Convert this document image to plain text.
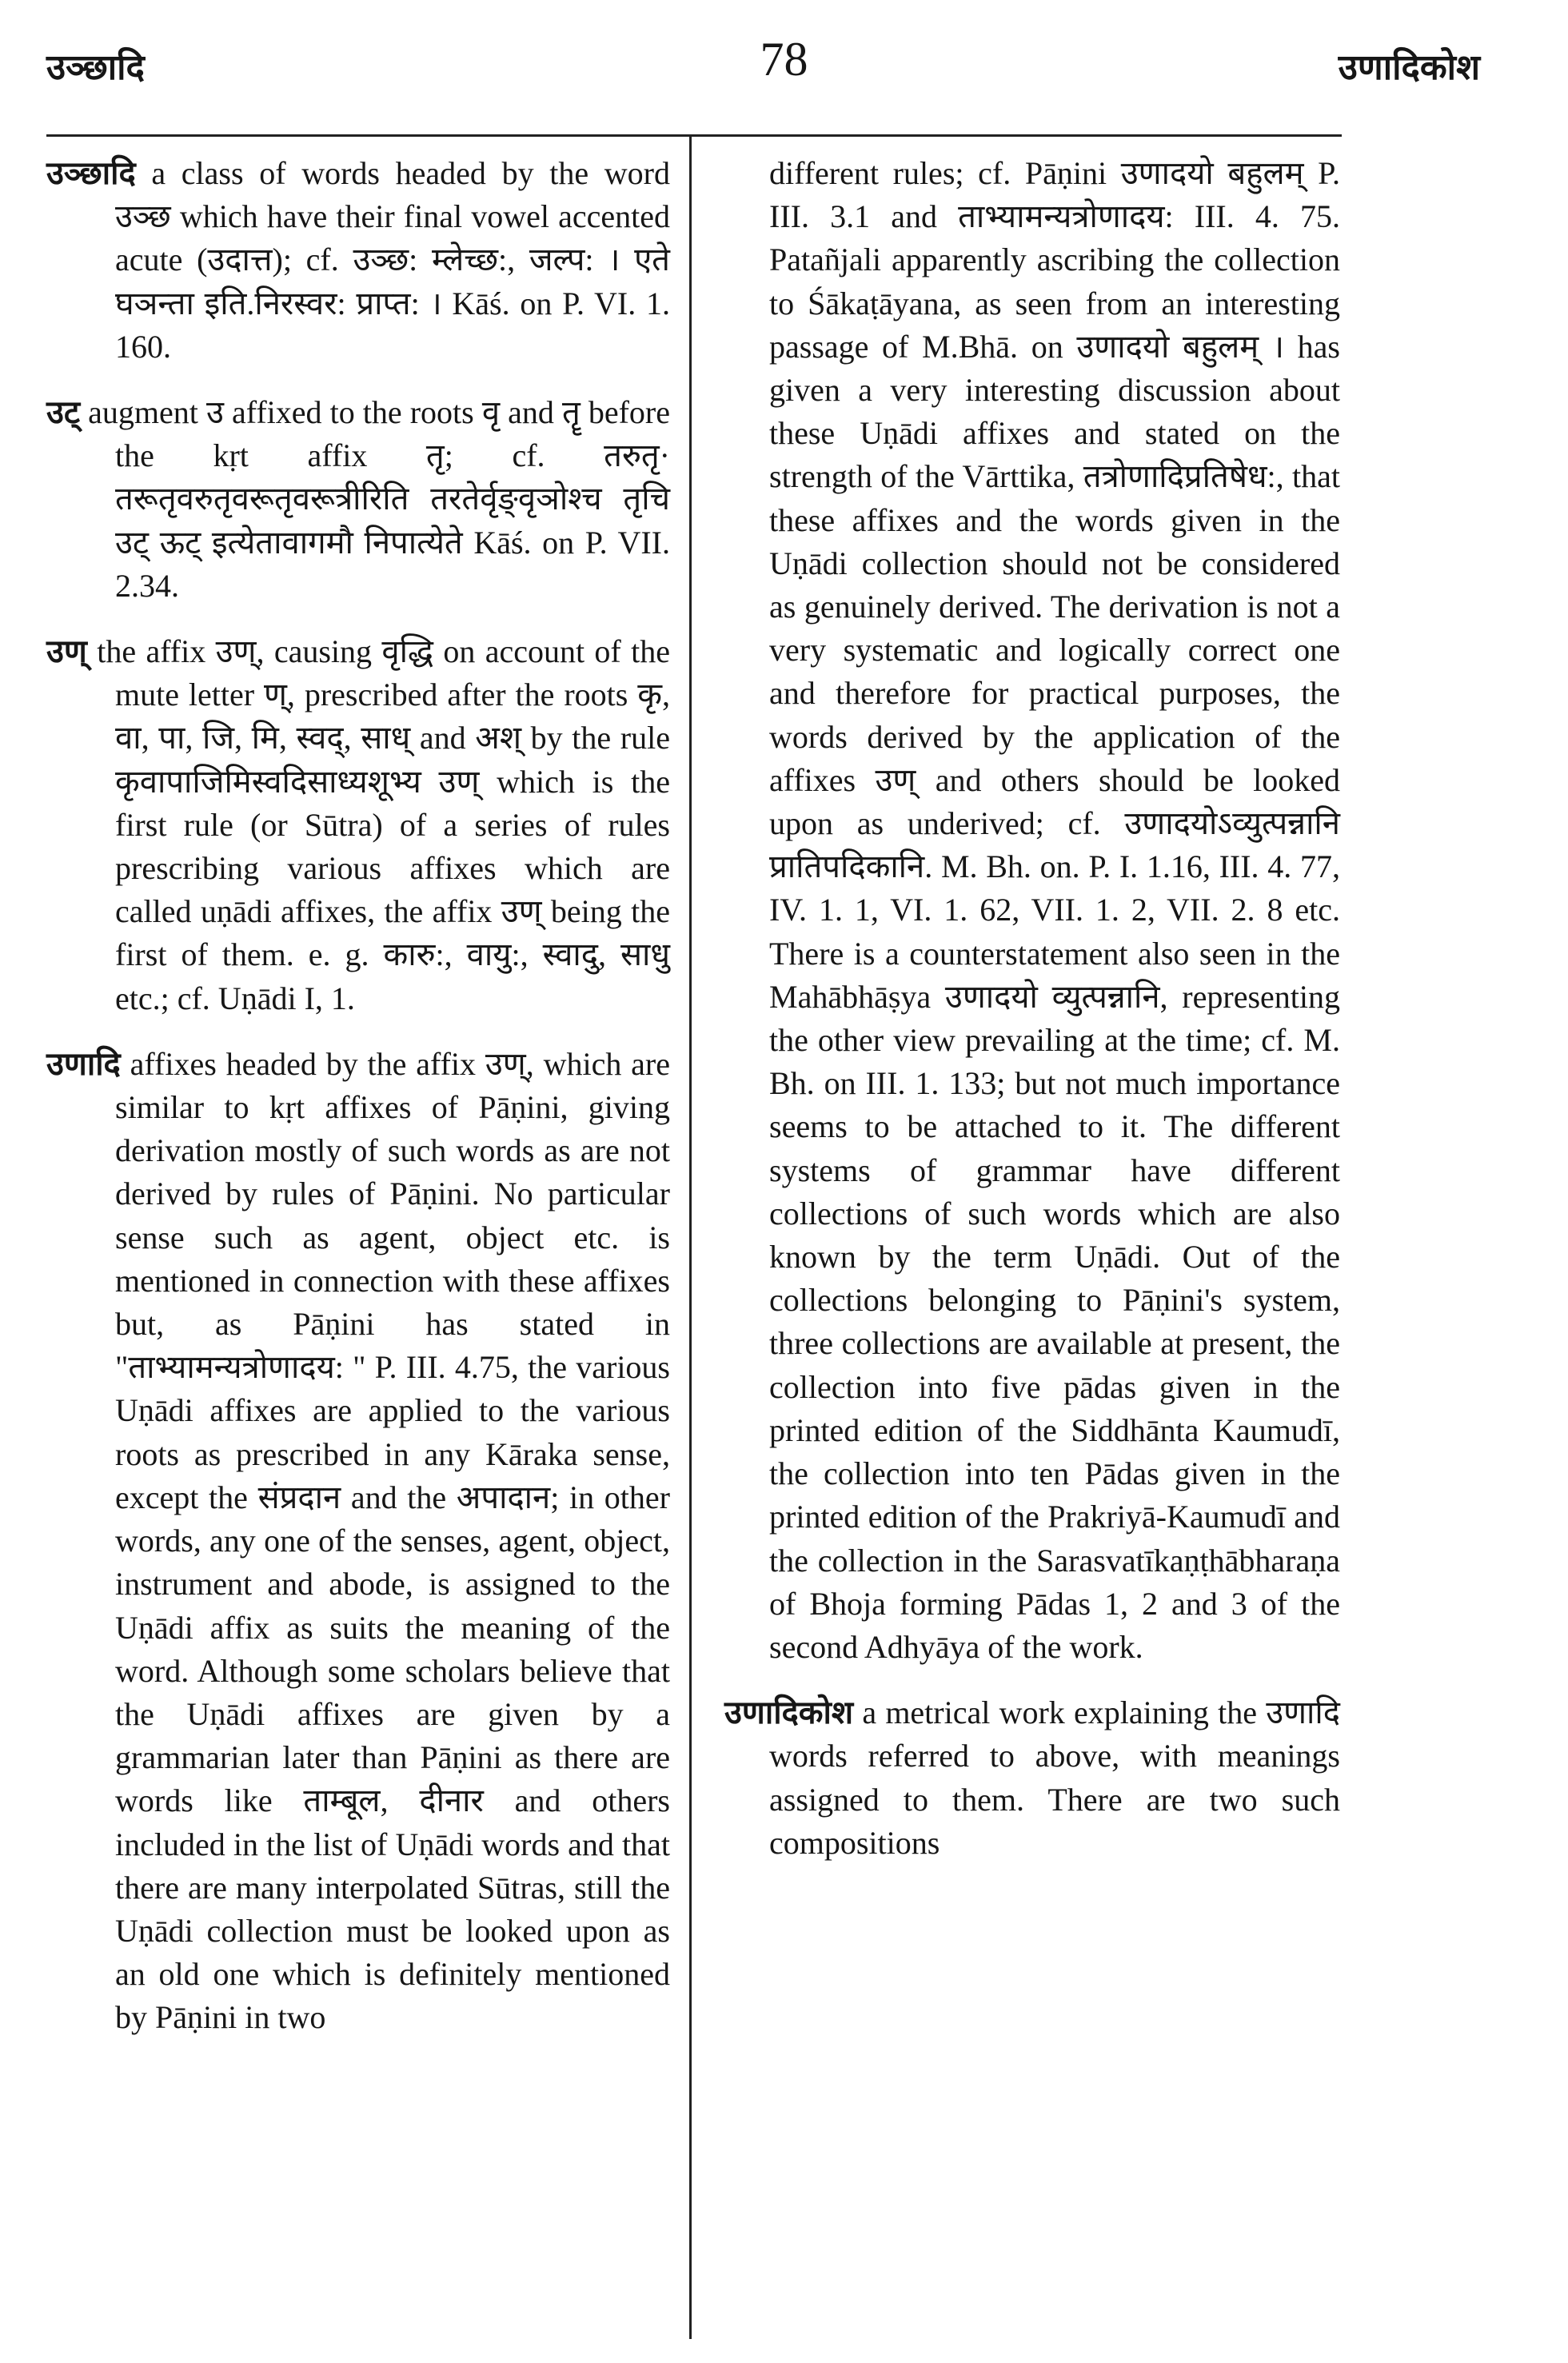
उञ्छादि	78	उणादिकोश

उञ्छादि a class of words headed by the word उञ्छ which have their final vowel accented acute (उदात्त); cf. उञ्छ: म्लेच्छ:, जल्प: । एते घञन्ता इति.निरस्वर: प्राप्त: । Kāś. on P. VI. 1. 160.

उट् augment उ affixed to the roots वृ and तॄ before the kṛt affix तृ; cf. तरुतृ· तरूतृवरुतृवरूतृवरूत्रीरिति तरतेर्वृङ्वृञोश्च तृचि उट् ऊट् इत्येतावागमौ निपात्येते Kāś. on P. VII. 2.34.

उण् the affix उण्, causing वृद्धि on account of the mute letter ण्, prescribed after the roots कृ, वा, पा, जि, मि, स्वद्, साध् and अश् by the rule कृवापाजिमिस्वदिसाध्यशूभ्य उण् which is the first rule (or Sūtra) of a series of rules prescribing various affixes which are called uṇādi affixes, the affix उण् being the first of them. e. g. कारु:, वायु:, स्वादु, साधु etc.; cf. Uṇādi I, 1.

उणादि affixes headed by the affix उण्, which are similar to kṛt affixes of Pāṇini, giving derivation mostly of such words as are not derived by rules of Pāṇini. No particular sense such as agent, object etc. is mentioned in connection with these affixes but, as Pāṇini has stated in "ताभ्यामन्यत्रोणादय: " P. III. 4.75, the various Uṇādi affixes are applied to the various roots as prescribed in any Kāraka sense, except the संप्रदान and the अपादान; in other words, any one of the senses, agent, object, instrument and abode, is assigned to the Uṇādi affix as suits the meaning of the word. Although some scholars believe that the Uṇādi affixes are given by a grammarian later than Pāṇini as there are words like ताम्बूल, दीनार and others included in the list of Uṇādi words and that there are many interpolated Sūtras, still the Uṇādi collection must be looked upon as an old one which is definitely mentioned by Pāṇini in two

different rules; cf. Pāṇini उणादयो बहुलम् P. III. 3.1 and ताभ्यामन्यत्रोणादय: III. 4. 75. Patañjali apparently ascribing the collection to Śākaṭāyana, as seen from an interesting passage of M.Bhā. on उणादयो बहुलम् । has given a very interesting discussion about these Uṇādi affixes and stated on the strength of the Vārttika, तत्रोणादिप्रतिषेध:, that these affixes and the words given in the Uṇādi collection should not be considered as genuinely derived. The derivation is not a very systematic and logically correct one and therefore for practical purposes, the words derived by the application of the affixes उण् and others should be looked upon as underived; cf. उणादयोऽव्युत्पन्नानि प्रातिपदिकानि. M. Bh. on. P. I. 1.16, III. 4. 77, IV. 1. 1, VI. 1. 62, VII. 1. 2, VII. 2. 8 etc. There is a counterstatement also seen in the Mahābhāṣya उणादयो व्युत्पन्नानि, representing the other view prevailing at the time; cf. M. Bh. on III. 1. 133; but not much importance seems to be attached to it. The different systems of grammar have different collections of such words which are also known by the term Uṇādi. Out of the collections belonging to Pāṇini's system, three collections are available at present, the collection into five pādas given in the printed edition of the Siddhānta Kaumudī, the collection into ten Pādas given in the printed edition of the Prakriyā-Kaumudī and the collection in the Sarasvatīkaṇṭhābharaṇa of Bhoja forming Pādas 1, 2 and 3 of the second Adhyāya of the work.

उणादिकोश a metrical work explaining the उणादि words referred to above, with meanings assigned to them. There are two such compositions
